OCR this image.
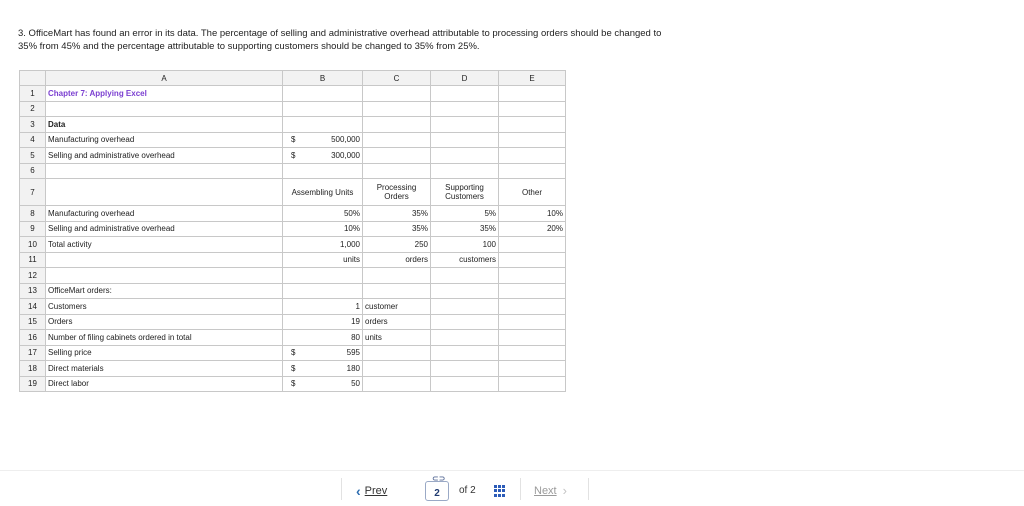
3. OfficeMart has found an error in its data. The percentage of selling and administrative overhead attributable to processing orders should be changed to 35% from 45% and the percentage attributable to supporting customers should be changed to 35% from 25%.
	A	B		C	D	E
1	Chapter 7: Applying Excel					
2						
3	Data					
4	Manufacturing overhead	$	500,000			
5	Selling and administrative overhead	$	300,000			
6						
7		Assembling Units		Processing Orders	Supporting Customers	Other
8	Manufacturing overhead	50%		35%	5%	10%
9	Selling and administrative overhead	10%		35%	35%	20%
10	Total activity	1,000		250	100	
11		units		orders	customers	
12						
13	OfficeMart orders:					
14	Customers	1		customer		
15	Orders	19		orders		
16	Number of filing cabinets ordered in total	80		units		
17	Selling price	$	595			
18	Direct materials	$	180			
19	Direct labor	$	50			
‹ Prev
⊂⊃
2	of 2	Next ›
